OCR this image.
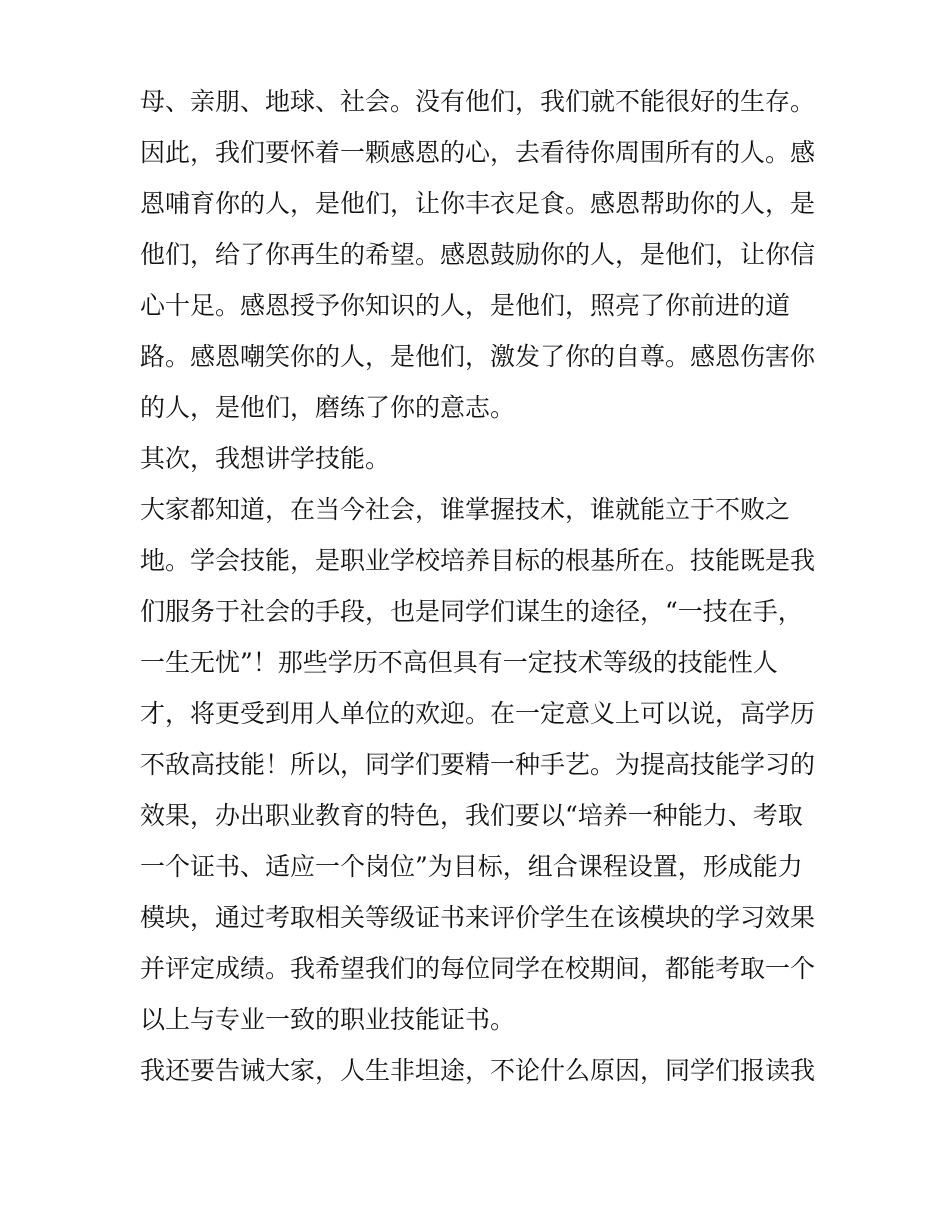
母、亲朋、地球、社会。没有他们，我们就不能很好的生存。
因此，我们要怀着一颗感恩的心，去看待你周围所有的人。感
恩哺育你的人，是他们，让你丰衣足食。感恩帮助你的人，是
他们，给了你再生的希望。感恩鼓励你的人，是他们，让你信
心十足。感恩授予你知识的人，是他们，照亮了你前进的道
路。感恩嘲笑你的人，是他们，激发了你的自尊。感恩伤害你
的人，是他们，磨练了你的意志。
其次，我想讲学技能。
大家都知道，在当今社会，谁掌握技术，谁就能立于不败之
地。学会技能，是职业学校培养目标的根基所在。技能既是我
们服务于社会的手段，也是同学们谋生的途径，“一技在手，
一生无忧”！那些学历不高但具有一定技术等级的技能性人
才，将更受到用人单位的欢迎。在一定意义上可以说，高学历
不敌高技能！所以，同学们要精一种手艺。为提高技能学习的
效果，办出职业教育的特色，我们要以“培养一种能力、考取
一个证书、适应一个岗位”为目标，组合课程设置，形成能力
模块，通过考取相关等级证书来评价学生在该模块的学习效果
并评定成绩。我希望我们的每位同学在校期间，都能考取一个
以上与专业一致的职业技能证书。
我还要告诫大家，人生非坦途，不论什么原因，同学们报读我
